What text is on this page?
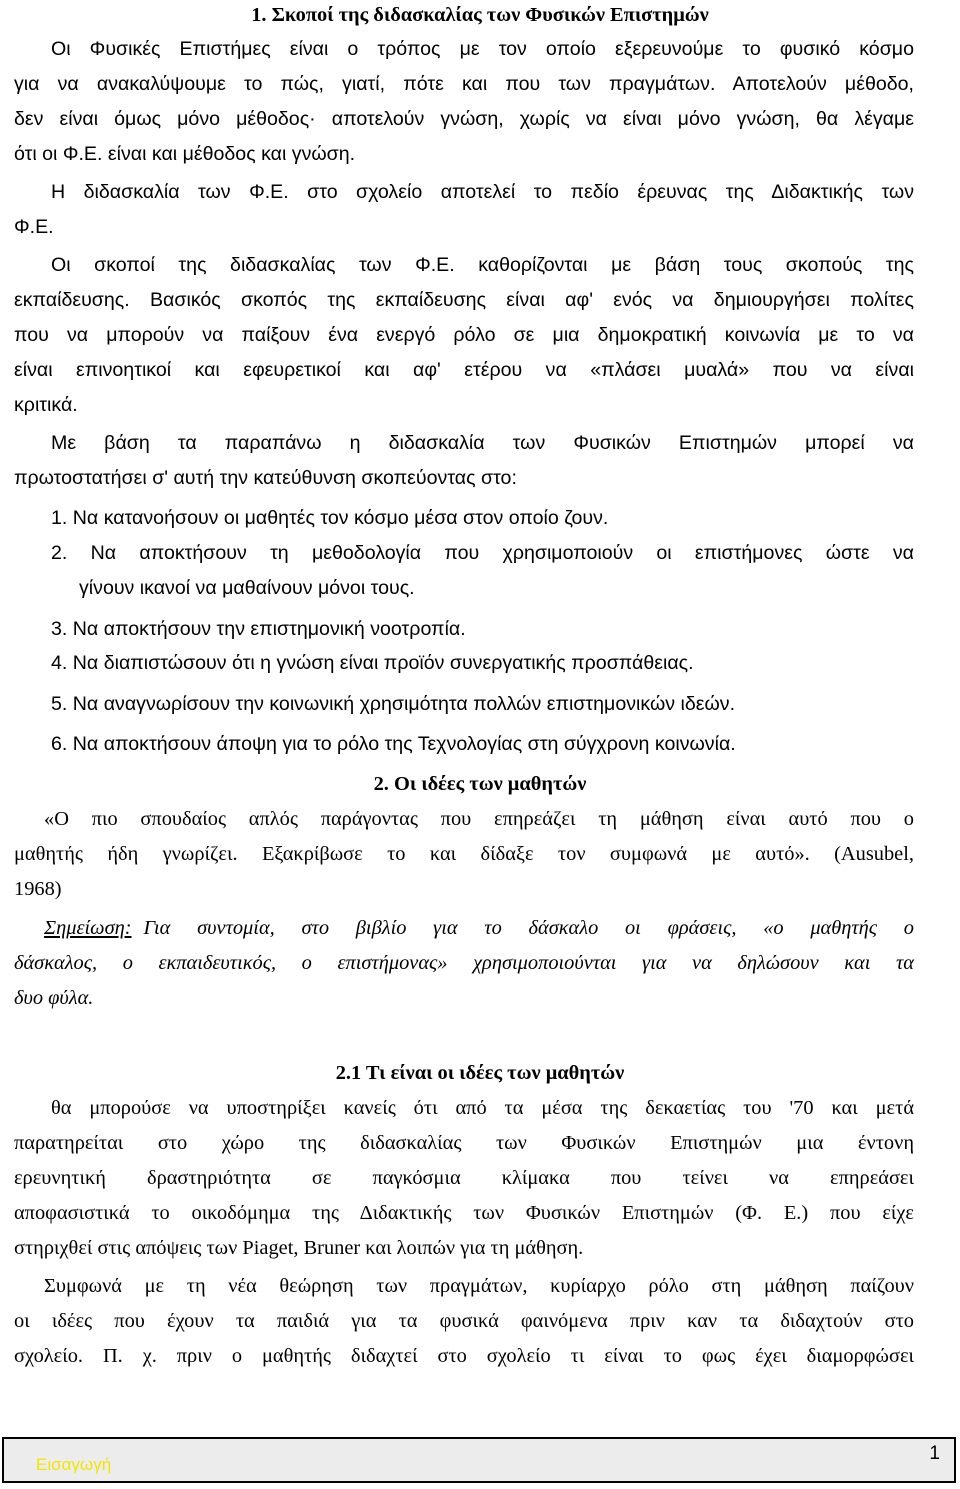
1. Σκοποί της διδασκαλίας των Φυσικών Επιστημών
Οι Φυσικές Επιστήμες είναι ο τρόπος με τον οποίο εξερευνούμε το φυσικό κόσμο
για να ανακαλύψουμε το πώς, γιατί, πότε και που των πραγμάτων. Αποτελούν μέθοδο,
δεν είναι όμως μόνο μέθοδος· αποτελούν γνώση, χωρίς να είναι μόνο γνώση, θα λέγαμε
ότι οι Φ.Ε. είναι και μέθοδος και γνώση.
Η διδασκαλία των Φ.Ε. στο σχολείο αποτελεί το πεδίο έρευνας της Διδακτικής των
Φ.Ε.
Οι σκοποί της διδασκαλίας των Φ.Ε. καθορίζονται με βάση τους σκοπούς της
εκπαίδευσης. Βασικός σκοπός της εκπαίδευσης είναι αφ' ενός να δημιουργήσει πολίτες
που να μπορούν να παίξουν ένα ενεργό ρόλο σε μια δημοκρατική κοινωνία με το να
είναι επινοητικοί και εφευρετικοί και αφ' ετέρου να «πλάσει μυαλά» που να είναι
κριτικά.
Με βάση τα παραπάνω η διδασκαλία των Φυσικών Επιστημών μπορεί να
πρωτοστατήσει σ' αυτή την κατεύθυνση σκοπεύοντας στο:
1. Να κατανοήσουν οι μαθητές τον κόσμο μέσα στον οποίο ζουν.
2. Να αποκτήσουν τη μεθοδολογία που χρησιμοποιούν οι επιστήμονες ώστε να
γίνουν ικανοί να μαθαίνουν μόνοι τους.
3. Να αποκτήσουν την επιστημονική νοοτροπία.
4. Να διαπιστώσουν ότι η γνώση είναι προϊόν συνεργατικής προσπάθειας.
5. Να αναγνωρίσουν την κοινωνική χρησιμότητα πολλών επιστημονικών ιδεών.
6. Να αποκτήσουν άποψη για το ρόλο της Τεχνολογίας στη σύγχρονη κοινωνία.
2. Οι ιδέες των μαθητών
«Ο πιο σπουδαίος απλός παράγοντας που επηρεάζει τη μάθηση είναι αυτό που ο
μαθητής ήδη γνωρίζει. Εξακρίβωσε το και δίδαξε τον συμφωνά με αυτό». (Ausubel,
1968)
Σημείωση: Για συντομία, στο βιβλίο για το δάσκαλο οι φράσεις, «ο μαθητής ο
δάσκαλος, ο εκπαιδευτικός, ο επιστήμονας» χρησιμοποιούνται για να δηλώσουν και τα
δυο φύλα.
2.1 Τι είναι οι ιδέες των μαθητών
θα μπορούσε να υποστηρίξει κανείς ότι από τα μέσα της δεκαετίας του '70 και μετά
παρατηρείται στο χώρο της διδασκαλίας των Φυσικών Επιστημών μια έντονη
ερευνητική δραστηριότητα σε παγκόσμια κλίμακα που τείνει να επηρεάσει
αποφασιστικά το οικοδόμημα της Διδακτικής των Φυσικών Επιστημών (Φ. Ε.) που είχε
στηριχθεί στις απόψεις των Piaget, Bruner και λοιπών για τη μάθηση.
Συμφωνά με τη νέα θεώρηση των πραγμάτων, κυρίαρχο ρόλο στη μάθηση παίζουν
οι ιδέες που έχουν τα παιδιά για τα φυσικά φαινόμενα πριν καν τα διδαχτούν στο
σχολείο. Π. χ. πριν ο μαθητής διδαχτεί στο σχολείο τι είναι το φως έχει διαμορφώσει
Εισαγωγή
1
